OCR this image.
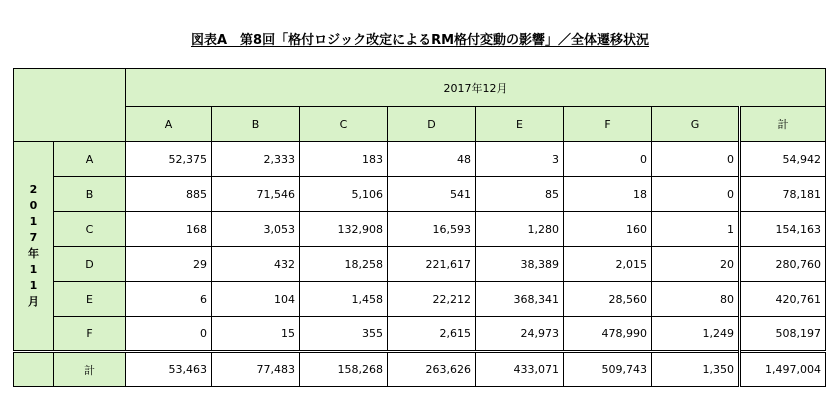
図表A　第8回「格付ロジック改定によるRM格付変動の影響」／全体遷移状況
		2017年12月							
		A	B	C	D	E	F	G	計
2017年11月	A	52,375	2,333	183	48	3	0	0	54,942
	B	885	71,546	5,106	541	85	18	0	78,181
	C	168	3,053	132,908	16,593	1,280	160	1	154,163
	D	29	432	18,258	221,617	38,389	2,015	20	280,760
	E	6	104	1,458	22,212	368,341	28,560	80	420,761
	F	0	15	355	2,615	24,973	478,990	1,249	508,197
	計	53,463	77,483	158,268	263,626	433,071	509,743	1,350	1,497,004
